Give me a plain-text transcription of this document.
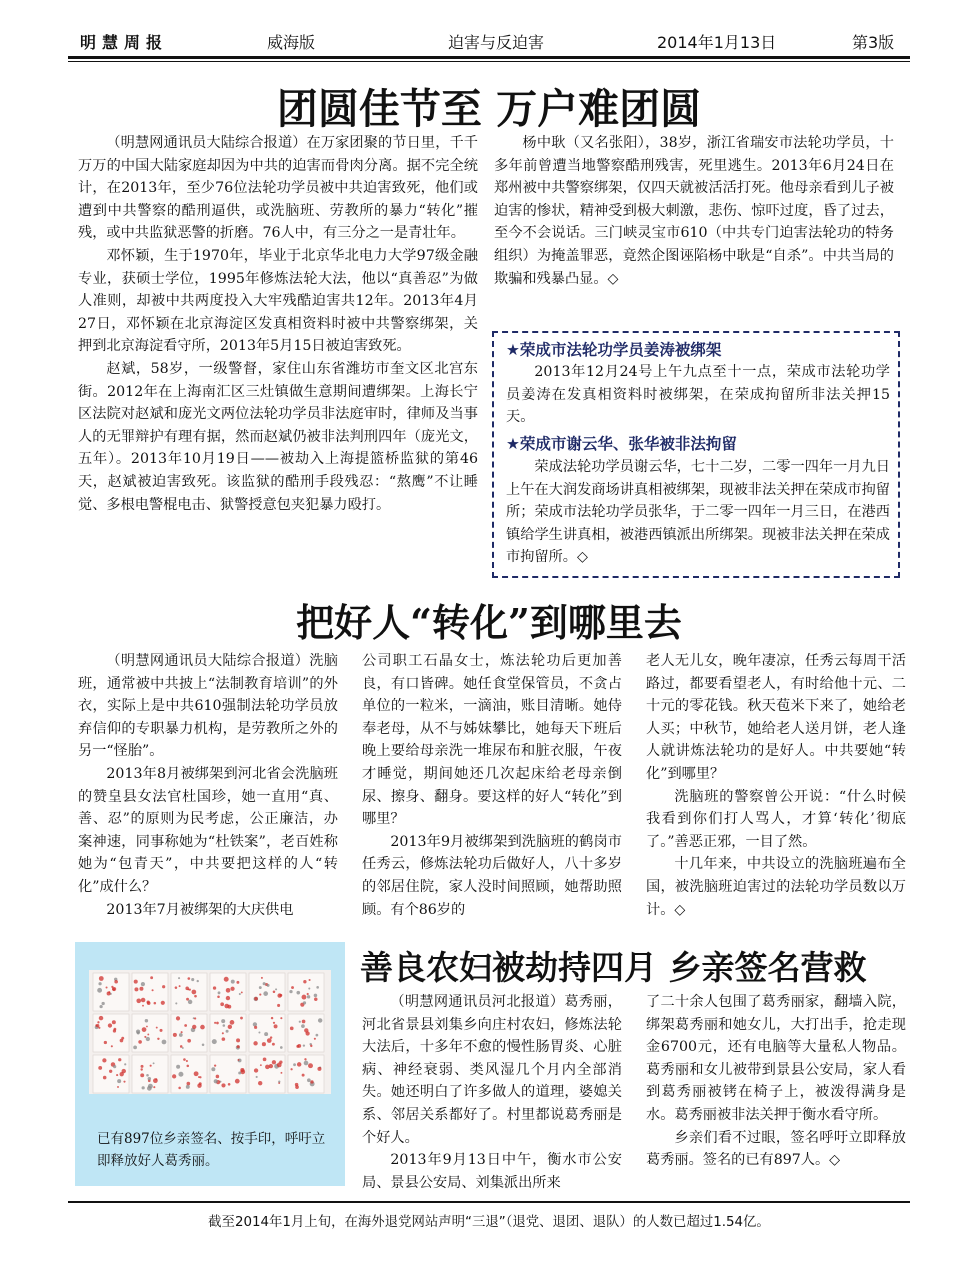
明慧周报	威海版	迫害与反迫害	2014年1月13日	第3版
团圆佳节至 万户难团圆

（明慧网通讯员大陆综合报道）在万家团聚的节日里，千千万万的中国大陆家庭却因为中共的迫害而骨肉分离。据不完全统计，在2013年，至少76位法轮功学员被中共迫害致死，他们或遭到中共警察的酷刑逼供，或洗脑班、劳教所的暴力“转化”摧残，或中共监狱恶警的折磨。76人中，有三分之一是青壮年。

邓怀颖，生于1970年，毕业于北京华北电力大学97级金融专业，获硕士学位，1995年修炼法轮大法，他以“真善忍”为做人准则，却被中共两度投入大牢残酷迫害共12年。2013年4月27日，邓怀颖在北京海淀区发真相资料时被中共警察绑架，关押到北京海淀看守所，2013年5月15日被迫害致死。

赵斌，58岁，一级警督，家住山东省潍坊市奎文区北宫东街。2012年在上海南汇区三灶镇做生意期间遭绑架。上海长宁区法院对赵斌和庞光文两位法轮功学员非法庭审时，律师及当事人的无罪辩护有理有据，然而赵斌仍被非法判刑四年（庞光文，五年）。2013年10月19日——被劫入上海提篮桥监狱的第46天，赵斌被迫害致死。该监狱的酷刑手段残忍：“熬鹰”不让睡觉、多根电警棍电击、狱警授意包夹犯暴力殴打。

杨中耿（又名张阳），38岁，浙江省瑞安市法轮功学员，十多年前曾遭当地警察酷刑残害，死里逃生。2013年6月24日在郑州被中共警察绑架，仅四天就被活活打死。他母亲看到儿子被迫害的惨状，精神受到极大刺激，悲伤、惊吓过度，昏了过去，至今不会说话。三门峡灵宝市610（中共专门迫害法轮功的特务组织）为掩盖罪恶，竟然企图诬陷杨中耿是“自杀”。中共当局的欺骗和残暴凸显。◇

★荣成市法轮功学员姜涛被绑架

2013年12月24号上午九点至十一点，荣成市法轮功学员姜涛在发真相资料时被绑架，在荣成拘留所非法关押15天。

★荣成市谢云华、张华被非法拘留

荣成法轮功学员谢云华，七十二岁，二零一四年一月九日上午在大润发商场讲真相被绑架，现被非法关押在荣成市拘留所；荣成市法轮功学员张华，于二零一四年一月三日，在港西镇给学生讲真相，被港西镇派出所绑架。现被非法关押在荣成市拘留所。◇

把好人“转化”到哪里去

（明慧网通讯员大陆综合报道）洗脑班，通常被中共披上“法制教育培训”的外衣，实际上是中共610强制法轮功学员放弃信仰的专职暴力机构，是劳教所之外的另一“怪胎”。

2013年8月被绑架到河北省会洗脑班的赞皇县女法官杜国珍，她一直用“真、善、忍”的原则为民考虑，公正廉洁，办案神速，同事称她为“杜铁案”，老百姓称她为“包青天”，中共要把这样的人“转化”成什么？

2013年7月被绑架的大庆供电

公司职工石晶女士，炼法轮功后更加善良，有口皆碑。她任食堂保管员，不贪占单位的一粒米，一滴油，账目清晰。她侍奉老母，从不与姊妹攀比，她每天下班后晚上要给母亲洗一堆尿布和脏衣服，午夜才睡觉，期间她还几次起床给老母亲倒尿、擦身、翻身。要这样的好人“转化”到哪里？

2013年9月被绑架到洗脑班的鹤岗市任秀云，修炼法轮功后做好人，八十多岁的邻居住院，家人没时间照顾，她帮助照顾。有个86岁的

老人无儿女，晚年凄凉，任秀云每周干活路过，都要看望老人，有时给他十元、二十元的零花钱。秋天苞米下来了，她给老人买；中秋节，她给老人送月饼，老人逢人就讲炼法轮功的是好人。中共要她“转化”到哪里？

洗脑班的警察曾公开说：“什么时候我看到你们打人骂人，才算‘转化’彻底了。”善恶正邪，一目了然。

十几年来，中共设立的洗脑班遍布全国，被洗脑班迫害过的法轮功学员数以万计。◇

已有897位乡亲签名、按手印，呼吁立即释放好人葛秀丽。
善良农妇被劫持四月 乡亲签名营救

（明慧网通讯员河北报道）葛秀丽，河北省景县刘集乡向庄村农妇，修炼法轮大法后，十多年不愈的慢性肠胃炎、心脏病、神经衰弱、类风湿几个月内全部消失。她还明白了许多做人的道理，婆媳关系、邻居关系都好了。村里都说葛秀丽是个好人。

2013年9月13日中午，衡水市公安局、景县公安局、刘集派出所来

了二十余人包围了葛秀丽家，翻墙入院，绑架葛秀丽和她女儿，大打出手，抢走现金6700元，还有电脑等大量私人物品。葛秀丽和女儿被带到景县公安局，家人看到葛秀丽被铐在椅子上，被泼得满身是水。葛秀丽被非法关押于衡水看守所。

乡亲们看不过眼，签名呼吁立即释放葛秀丽。签名的已有897人。◇

截至2014年1月上旬，在海外退党网站声明“三退”（退党、退团、退队）的人数已超过1.54亿。
